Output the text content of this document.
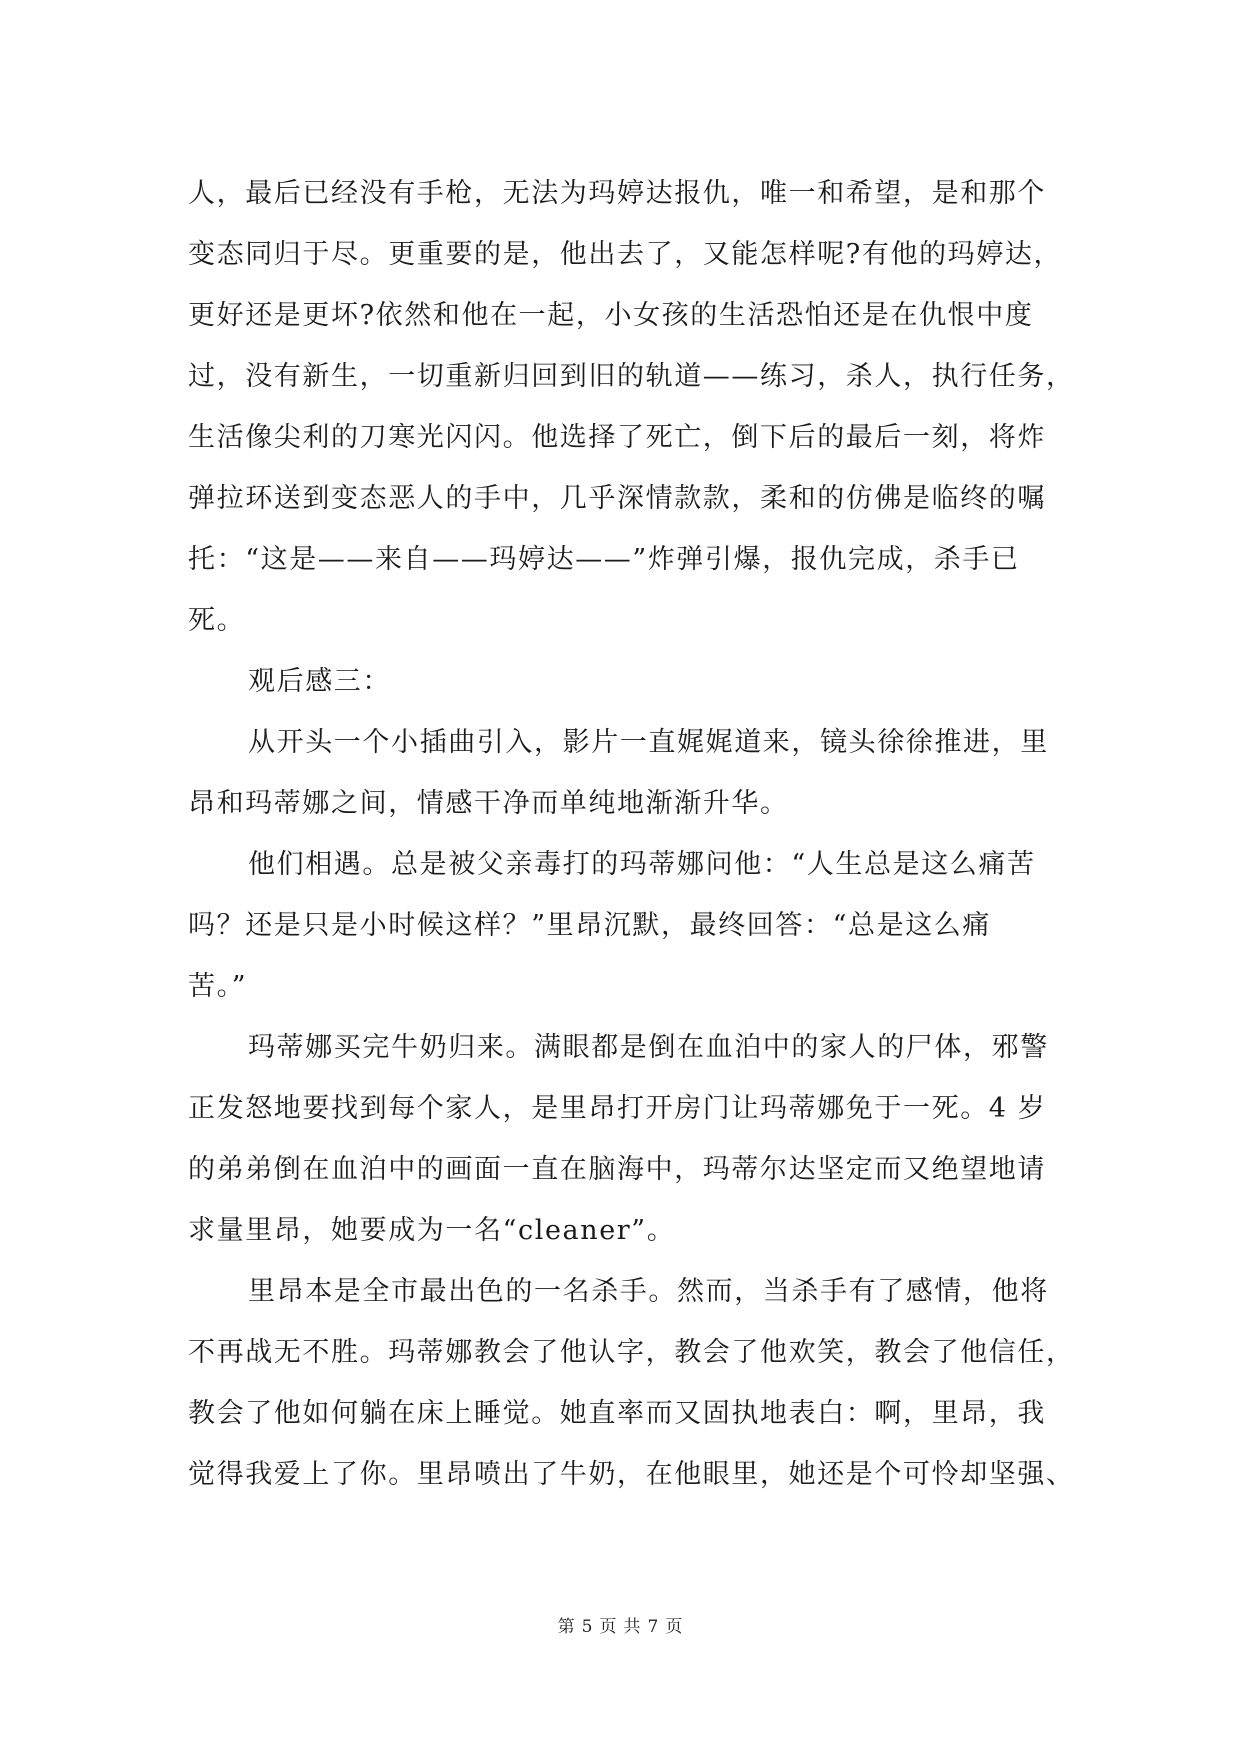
人，最后已经没有手枪，无法为玛婷达报仇，唯一和希望，是和那个
变态同归于尽。更重要的是，他出去了，又能怎样呢?有他的玛婷达，
更好还是更坏?依然和他在一起，小女孩的生活恐怕还是在仇恨中度
过，没有新生，一切重新归回到旧的轨道——练习，杀人，执行任务，
生活像尖利的刀寒光闪闪。他选择了死亡，倒下后的最后一刻，将炸
弹拉环送到变态恶人的手中，几乎深情款款，柔和的仿佛是临终的嘱
托：“这是——来自——玛婷达——”炸弹引爆，报仇完成，杀手已
死。
观后感三：
从开头一个小插曲引入，影片一直娓娓道来，镜头徐徐推进，里
昂和玛蒂娜之间，情感干净而单纯地渐渐升华。
他们相遇。总是被父亲毒打的玛蒂娜问他：“人生总是这么痛苦
吗？还是只是小时候这样？”里昂沉默，最终回答：“总是这么痛
苦。”
玛蒂娜买完牛奶归来。满眼都是倒在血泊中的家人的尸体，邪警
正发怒地要找到每个家人，是里昂打开房门让玛蒂娜免于一死。4 岁
的弟弟倒在血泊中的画面一直在脑海中，玛蒂尔达坚定而又绝望地请
求量里昂，她要成为一名“cleaner”。
里昂本是全市最出色的一名杀手。然而，当杀手有了感情，他将
不再战无不胜。玛蒂娜教会了他认字，教会了他欢笑，教会了他信任，
教会了他如何躺在床上睡觉。她直率而又固执地表白：啊，里昂，我
觉得我爱上了你。里昂喷出了牛奶，在他眼里，她还是个可怜却坚强、
第 5 页 共 7 页
